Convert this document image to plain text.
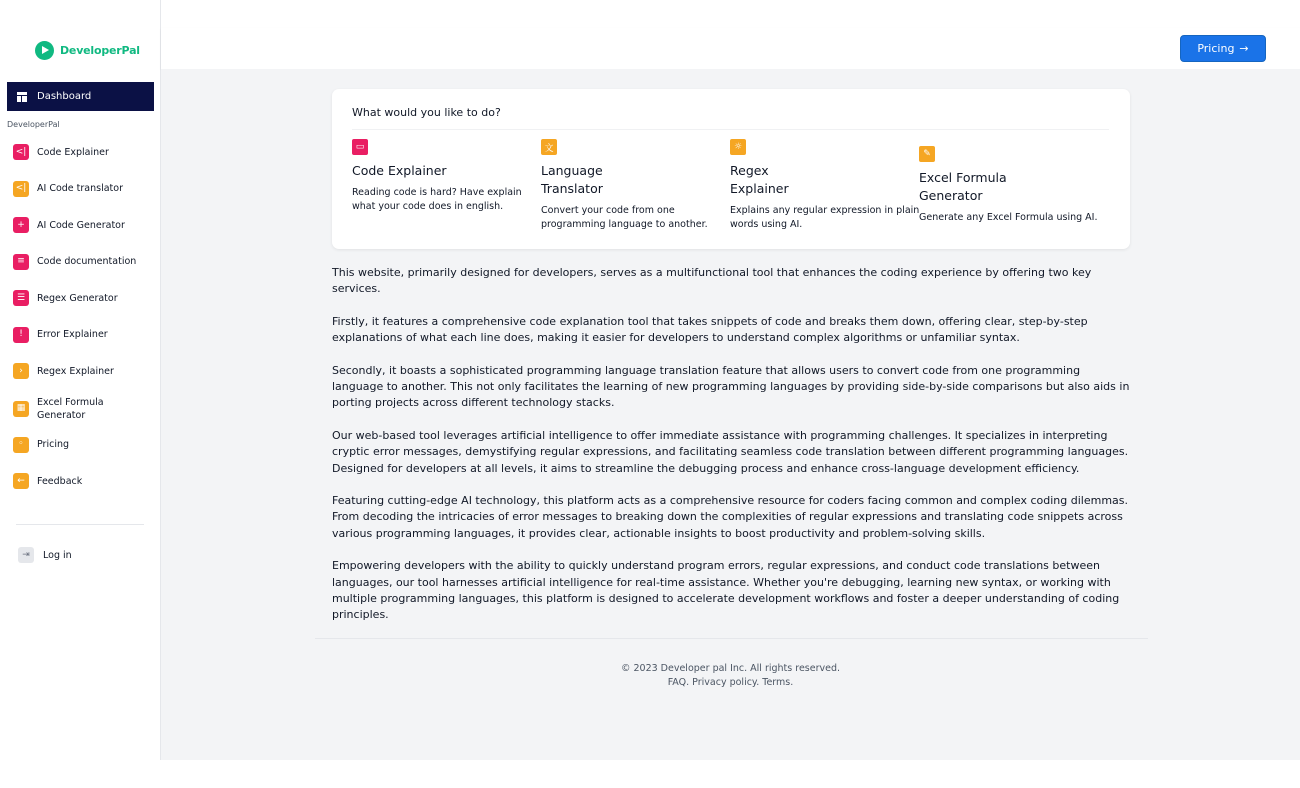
DeveloperPal
Dashboard
DeveloperPal
<| Code Explainer
<| AI Code translator
+	AI Code Generator
≡	Code documentation
☰	Regex Generator
!	Error Explainer
›	Regex Explainer
▦
Excel Formula Generator
◦	Pricing
←	Feedback
⇥	Log in
Pricing →
What would you like to do?
▭
Code Explainer
Reading code is hard? Have explain what your code does in english.
文
Language Translator
Convert your code from one programming language to another.
☼
Regex Explainer
Explains any regular expression in plain words using AI.
✎
Excel Formula Generator
Generate any Excel Formula using AI.

This website, primarily designed for developers, serves as a multifunctional tool that enhances the coding experience by offering two key services.

Firstly, it features a comprehensive code explanation tool that takes snippets of code and breaks them down, offering clear, step-by-step explanations of what each line does, making it easier for developers to understand complex algorithms or unfamiliar syntax.

Secondly, it boasts a sophisticated programming language translation feature that allows users to convert code from one programming language to another. This not only facilitates the learning of new programming languages by providing side-by-side comparisons but also aids in porting projects across different technology stacks.

Our web-based tool leverages artificial intelligence to offer immediate assistance with programming challenges. It specializes in interpreting cryptic error messages, demystifying regular expressions, and facilitating seamless code translation between different programming languages. Designed for developers at all levels, it aims to streamline the debugging process and enhance cross-language development efficiency.

Featuring cutting-edge AI technology, this platform acts as a comprehensive resource for coders facing common and complex coding dilemmas. From decoding the intricacies of error messages to breaking down the complexities of regular expressions and translating code snippets across various programming languages, it provides clear, actionable insights to boost productivity and problem-solving skills.

Empowering developers with the ability to quickly understand program errors, regular expressions, and conduct code translations between languages, our tool harnesses artificial intelligence for real-time assistance. Whether you're debugging, learning new syntax, or working with multiple programming languages, this platform is designed to accelerate development workflows and foster a deeper understanding of coding principles.

© 2023 Developer pal Inc. All rights reserved.
FAQ. Privacy policy. Terms.
